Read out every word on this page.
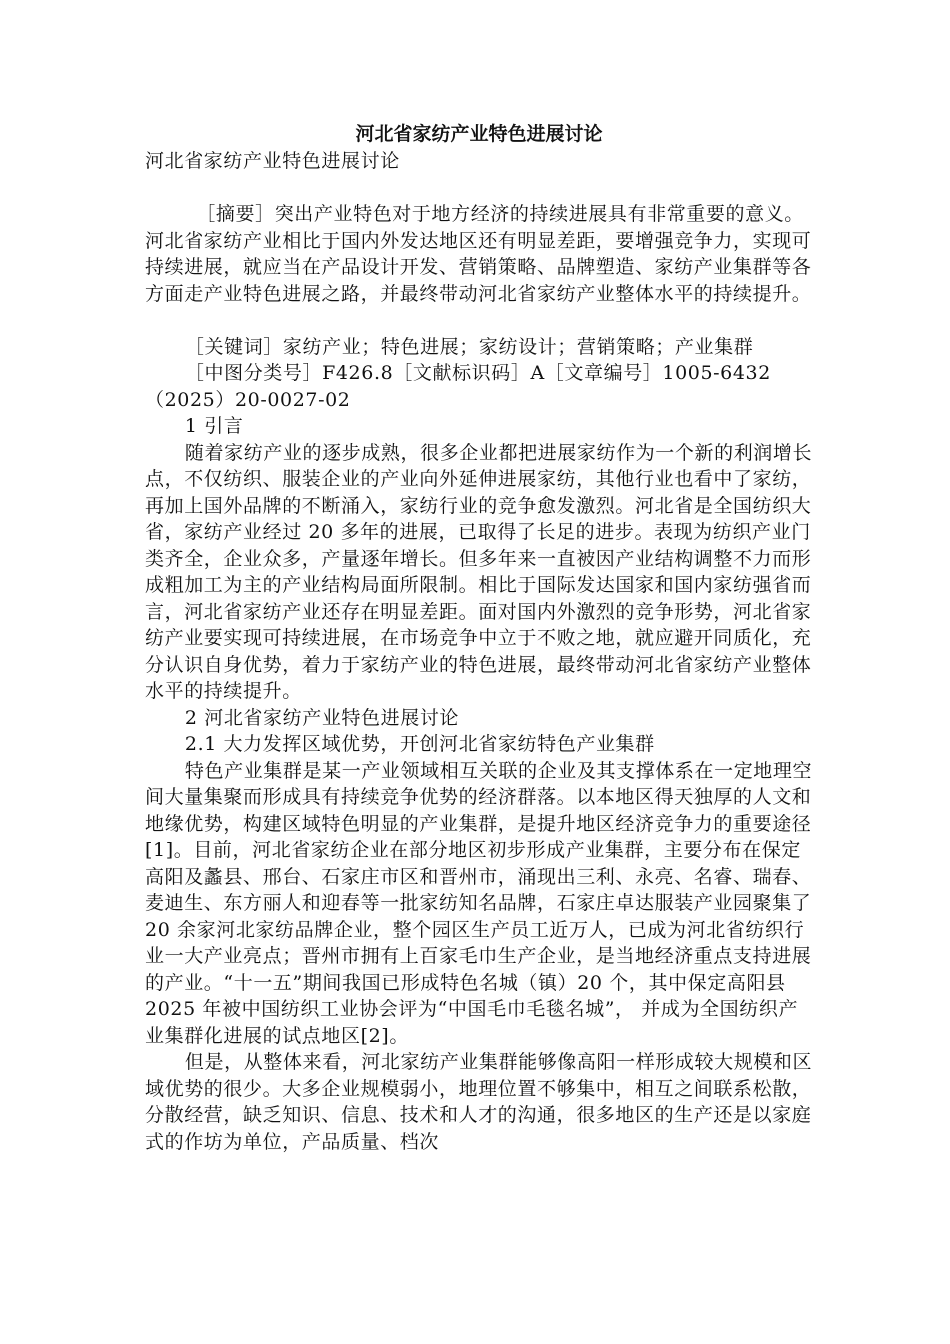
河北省家纺产业特色进展讨论

河北省家纺产业特色进展讨论

［摘要］突出产业特色对于地方经济的持续进展具有非常重要的意义。河北省家纺产业相比于国内外发达地区还有明显差距，要增强竞争力，实现可持续进展，就应当在产品设计开发、营销策略、品牌塑造、家纺产业集群等各方面走产业特色进展之路，并最终带动河北省家纺产业整体水平的持续提升。

［关键词］家纺产业；特色进展；家纺设计；营销策略；产业集群

［中图分类号］F426.8［文献标识码］A［文章编号］1005-6432（2025）20-0027-02

1 引言

随着家纺产业的逐步成熟，很多企业都把进展家纺作为一个新的利润增长点，不仅纺织、服装企业的产业向外延伸进展家纺，其他行业也看中了家纺，再加上国外品牌的不断涌入，家纺行业的竞争愈发激烈。河北省是全国纺织大省，家纺产业经过 20 多年的进展，已取得了长足的进步。表现为纺织产业门类齐全，企业众多，产量逐年增长。但多年来一直被因产业结构调整不力而形成粗加工为主的产业结构局面所限制。相比于国际发达国家和国内家纺强省而言，河北省家纺产业还存在明显差距。面对国内外激烈的竞争形势，河北省家纺产业要实现可持续进展，在市场竞争中立于不败之地，就应避开同质化，充分认识自身优势，着力于家纺产业的特色进展，最终带动河北省家纺产业整体水平的持续提升。

2 河北省家纺产业特色进展讨论

2.1 大力发挥区域优势，开创河北省家纺特色产业集群

特色产业集群是某一产业领域相互关联的企业及其支撑体系在一定地理空间大量集聚而形成具有持续竞争优势的经济群落。以本地区得天独厚的人文和地缘优势，构建区域特色明显的产业集群，是提升地区经济竞争力的重要途径[1]。目前，河北省家纺企业在部分地区初步形成产业集群，主要分布在保定高阳及蠡县、邢台、石家庄市区和晋州市，涌现出三利、永亮、名睿、瑞春、麦迪生、东方丽人和迎春等一批家纺知名品牌，石家庄卓达服装产业园聚集了 20 余家河北家纺品牌企业，整个园区生产员工近万人，已成为河北省纺织行业一大产业亮点；晋州市拥有上百家毛巾生产企业，是当地经济重点支持进展的产业。“十一五”期间我国已形成特色名城（镇）20 个，其中保定高阳县 2025 年被中国纺织工业协会评为“中国毛巾毛毯名城”， 并成为全国纺织产业集群化进展的试点地区[2]。

但是，从整体来看，河北家纺产业集群能够像高阳一样形成较大规模和区域优势的很少。大多企业规模弱小，地理位置不够集中，相互之间联系松散，分散经营，缺乏知识、信息、技术和人才的沟通，很多地区的生产还是以家庭式的作坊为单位，产品质量、档次
